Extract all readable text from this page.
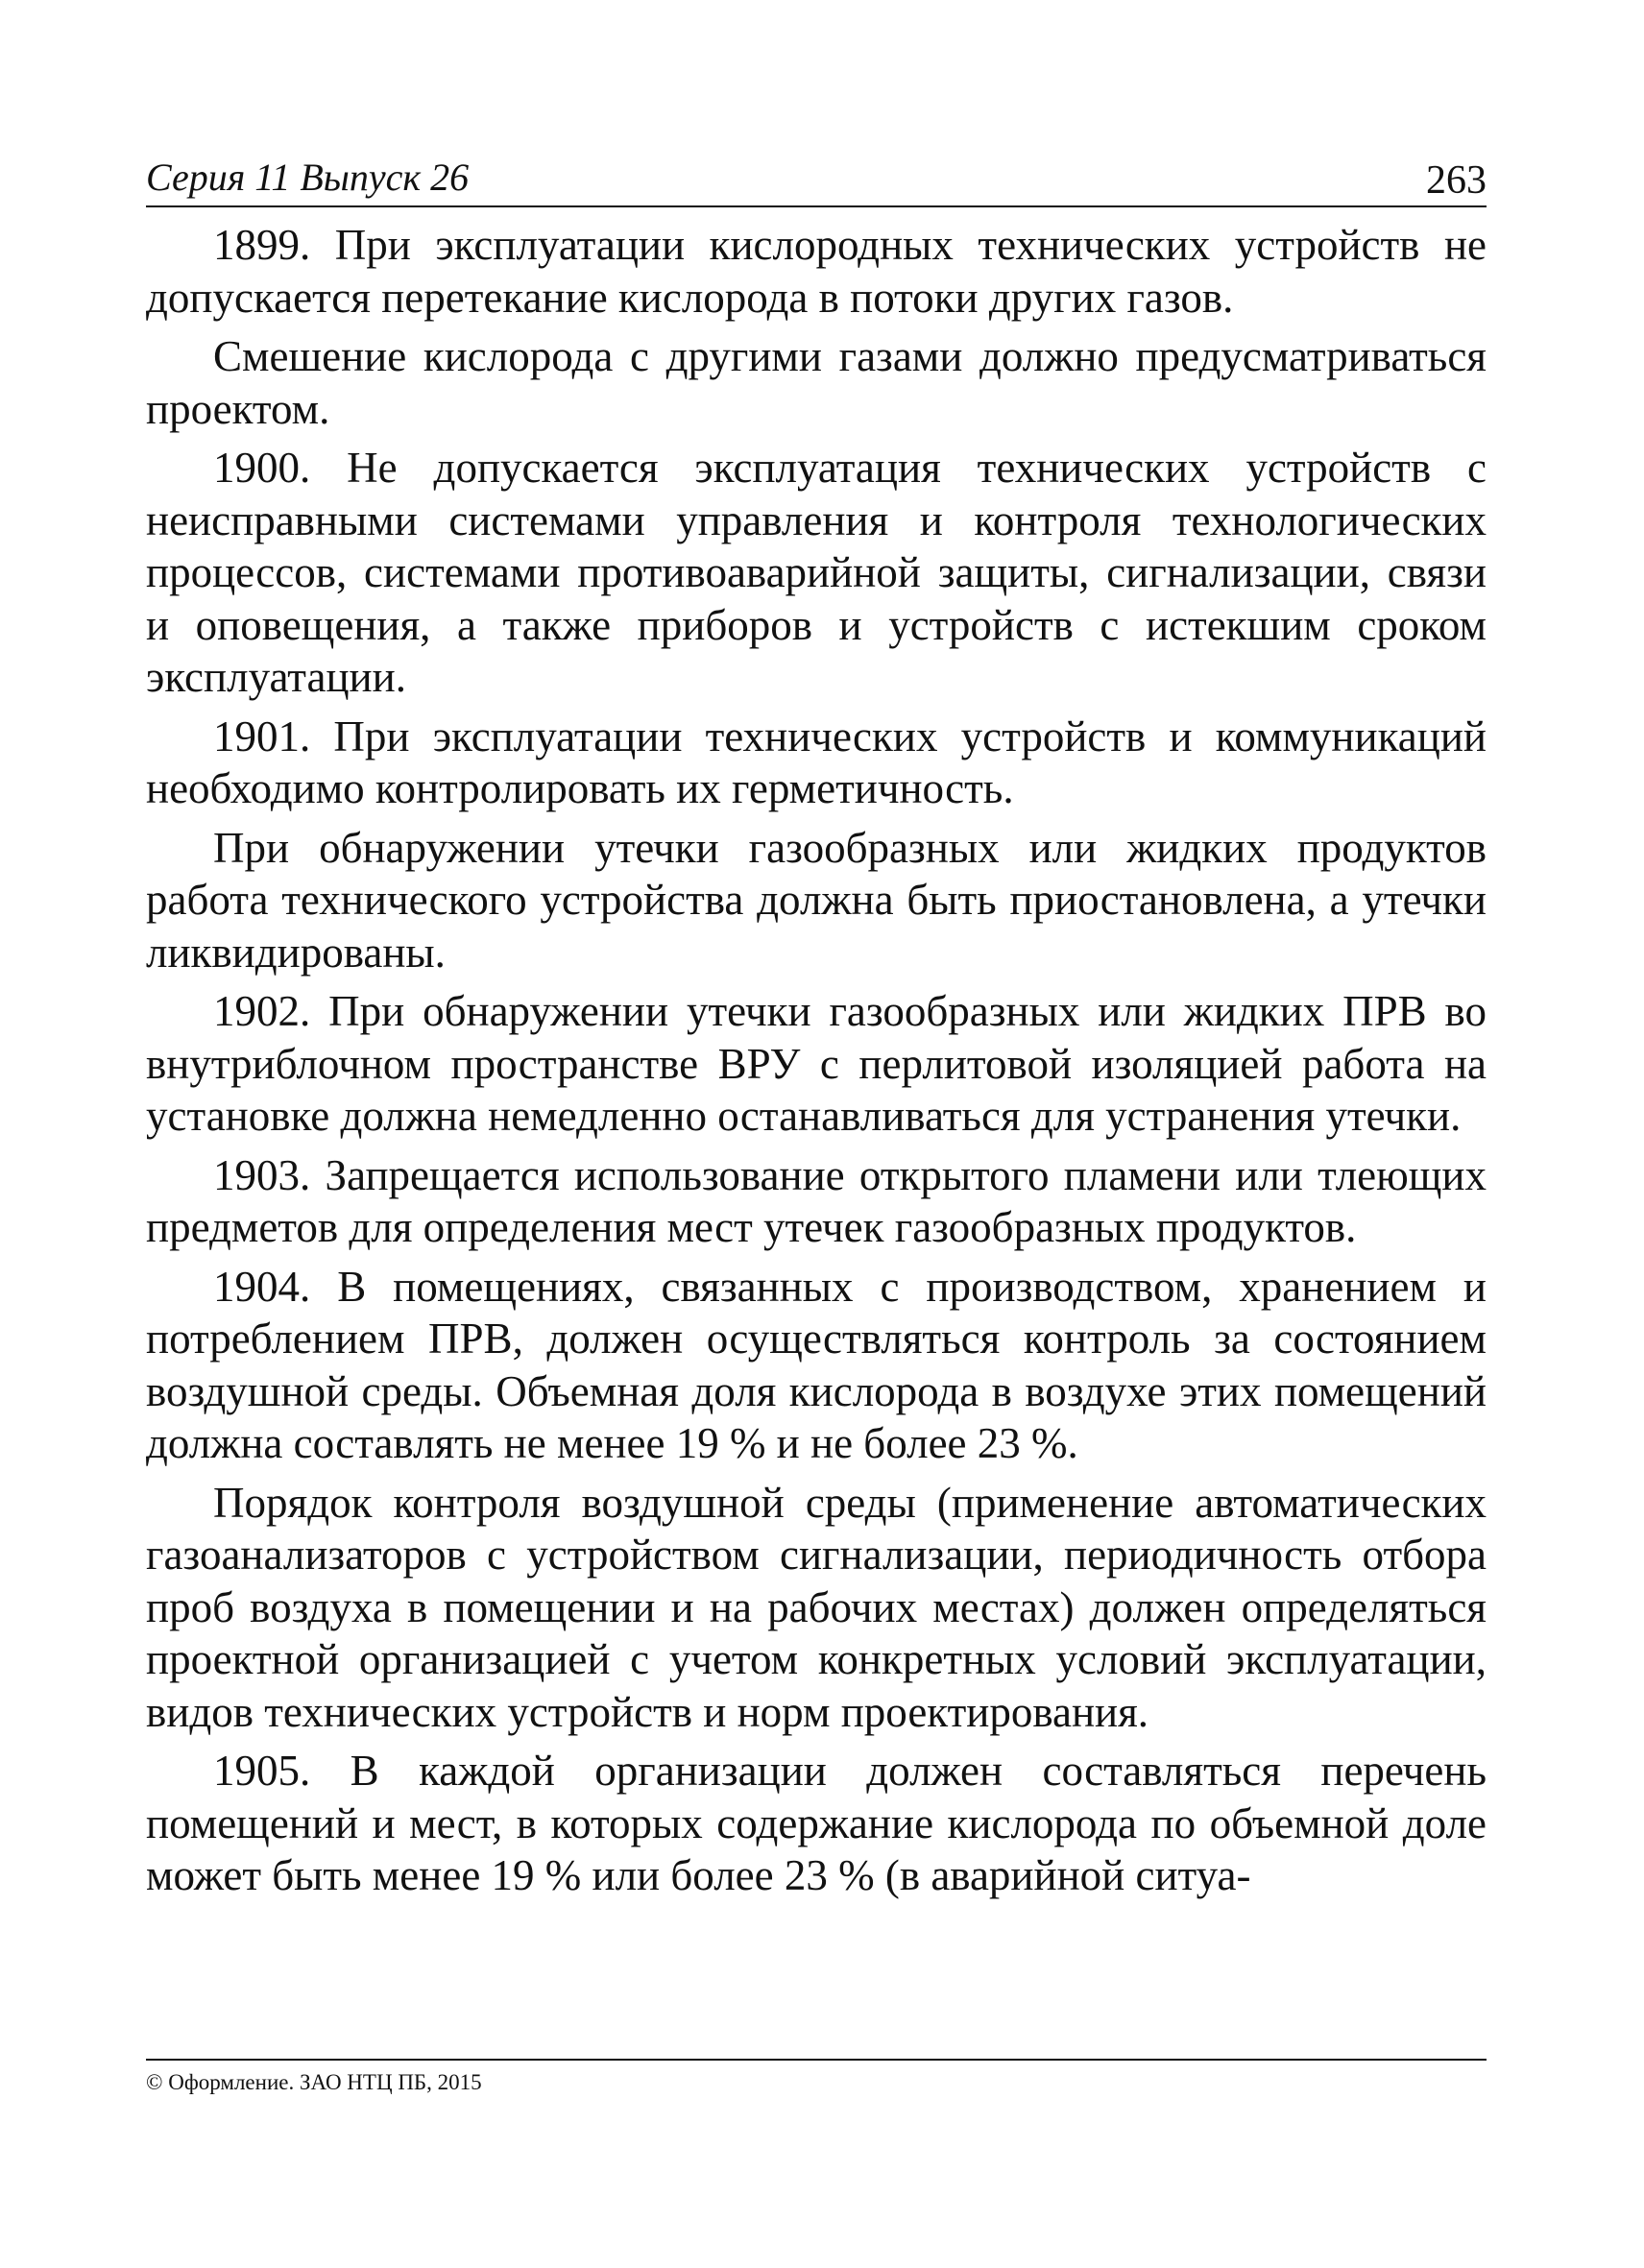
Серия 11 Выпуск 26	263

1899. При эксплуатации кислородных технических устройств не допускается перетекание кислорода в потоки других газов.

Смешение кислорода с другими газами должно предусматриваться проектом.

1900. Не допускается эксплуатация технических устройств с неисправными системами управления и контроля технологических процессов, системами противоаварийной защиты, сигнализации, связи и оповещения, а также приборов и устройств с истекшим сроком эксплуатации.

1901. При эксплуатации технических устройств и коммуникаций необходимо контролировать их герметичность.

При обнаружении утечки газообразных или жидких продуктов работа технического устройства должна быть приостановлена, а утечки ликвидированы.

1902. При обнаружении утечки газообразных или жидких ПРВ во внутриблочном пространстве ВРУ с перлитовой изоляцией работа на установке должна немедленно останавливаться для устранения утечки.

1903. Запрещается использование открытого пламени или тлеющих предметов для определения мест утечек газообразных продуктов.

1904. В помещениях, связанных с производством, хранением и потреблением ПРВ, должен осуществляться контроль за состоянием воздушной среды. Объемная доля кислорода в воздухе этих помещений должна составлять не менее 19 % и не более 23 %.

Порядок контроля воздушной среды (применение автоматических газоанализаторов с устройством сигнализации, периодичность отбора проб воздуха в помещении и на рабочих местах) должен определяться проектной организацией с учетом конкретных условий эксплуатации, видов технических устройств и норм проектирования.

1905. В каждой организации должен составляться перечень помещений и мест, в которых содержание кислорода по объемной доле может быть менее 19 % или более 23 % (в аварийной ситуа-

© Оформление. ЗАО НТЦ ПБ, 2015
